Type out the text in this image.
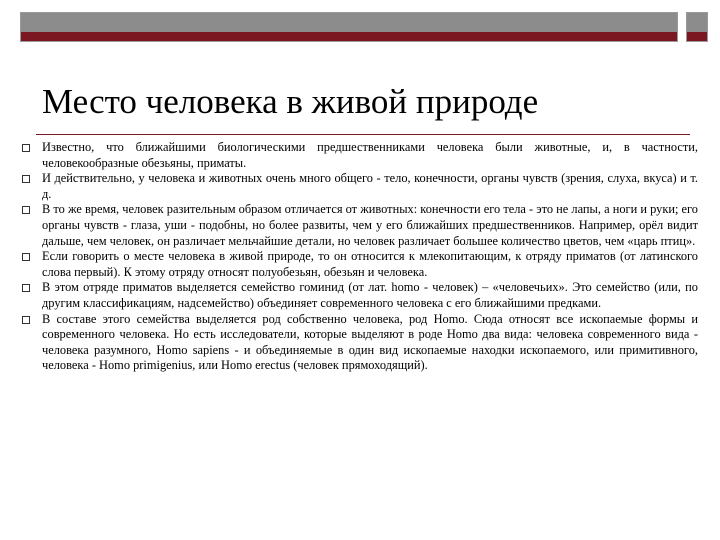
Место человека в живой природе
Известно, что ближайшими биологическими предшественниками человека были животные, и, в частности, человекообразные обезьяны, приматы.
И действительно, у человека и животных очень много общего - тело, конечности, органы чувств (зрения, слуха, вкуса) и т. д.
В то же время, человек разительным образом отличается от животных: конечности его тела - это не лапы, а ноги и руки; его органы чувств - глаза, уши - подобны, но более развиты, чем у его ближайших предшественников. Например, орёл видит дальше, чем человек, он различает мельчайшие детали, но человек различает большее количество цветов, чем «царь птиц».
Если говорить о месте человека в живой природе, то он относится к млекопитающим, к отряду приматов (от латинского слова первый). К этому отряду относят полуобезьян, обезьян и человека.
В этом отряде приматов выделяется семейство гоминид (от лат. homo - человек) – «человечьих». Это семейство (или, по другим классификациям, надсемейство) объединяет современного человека с его ближайшими предками.
В составе этого семейства выделяется род собственно человека, род Homo. Сюда относят все ископаемые формы и современного человека. Но есть исследователи, которые выделяют в роде Homo два вида: человека современного вида - человека разумного, Homo sapiens - и объединяемые в один вид ископаемые находки ископаемого, или примитивного, человека - Homo primigenius, или Homo erectus (человек прямоходящий).
